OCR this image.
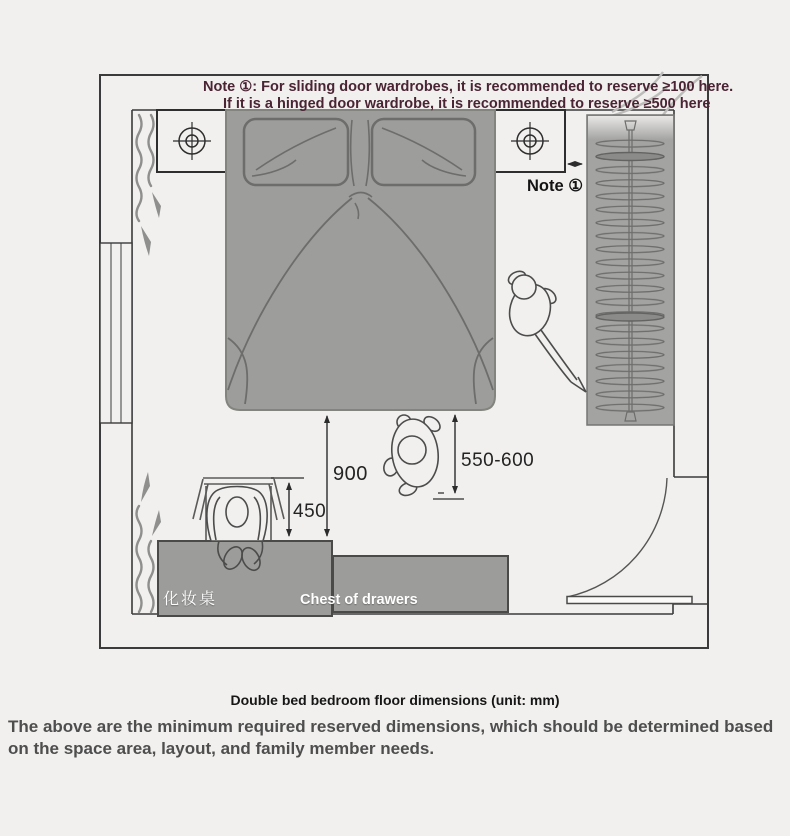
Note ①: For sliding door wardrobes, it is recommended to reserve ≥100 here.
If it is a hinged door wardrobe, it is recommended to reserve ≥500 here
Note ①
900
450
550-600
化妆桌	Chest of drawers
Double bed bedroom floor dimensions (unit: mm)
The above are the minimum required reserved dimensions, which should be determined based on the space area, layout, and family member needs.
